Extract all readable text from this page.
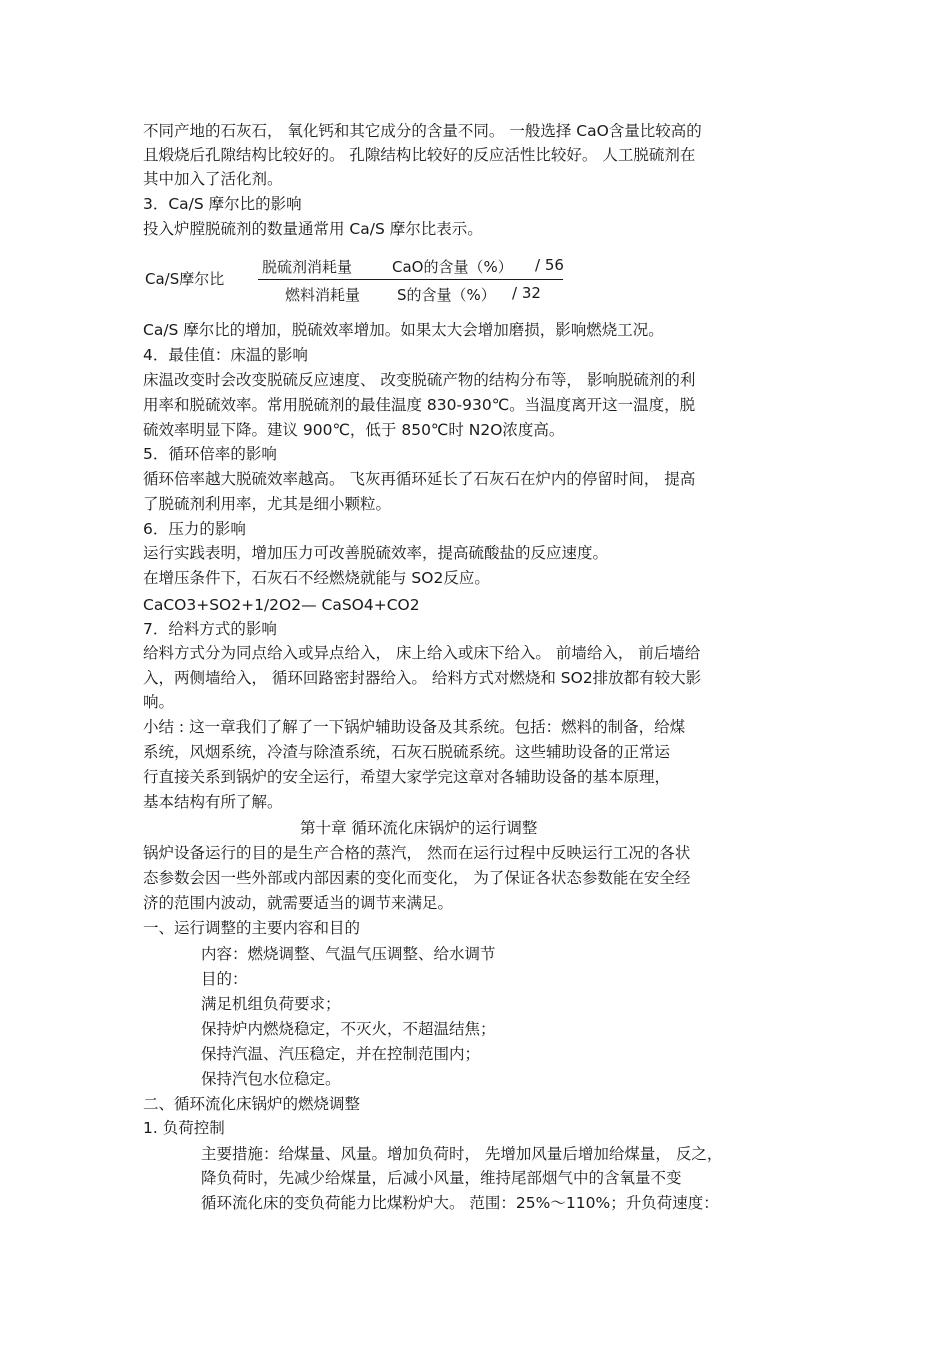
不同产地的石灰石， 氧化钙和其它成分的含量不同。 一般选择 CaO含量比较高的
且煅烧后孔隙结构比较好的。 孔隙结构比较好的反应活性比较好。 人工脱硫剂在
其中加入了活化剂。
3．Ca/S 摩尔比的影响
投入炉膛脱硫剂的数量通常用 Ca/S 摩尔比表示。
Ca/S摩尔比
脱硫剂消耗量	CaO的含量（%） / 56
燃料消耗量 S的含量（%） / 32
Ca/S 摩尔比的增加，脱硫效率增加。如果太大会增加磨损，影响燃烧工况。
4．最佳值：床温的影响
床温改变时会改变脱硫反应速度、 改变脱硫产物的结构分布等， 影响脱硫剂的利
用率和脱硫效率。常用脱硫剂的最佳温度 830-930℃。当温度离开这一温度，脱
硫效率明显下降。建议 900℃，低于 850℃时 N2O浓度高。
5．循环倍率的影响
循环倍率越大脱硫效率越高。 飞灰再循环延长了石灰石在炉内的停留时间， 提高
了脱硫剂利用率，尤其是细小颗粒。
6．压力的影响
运行实践表明，增加压力可改善脱硫效率，提高硫酸盐的反应速度。
在增压条件下，石灰石不经燃烧就能与 SO2反应。
CaCO3+SO2+1/2O2— CaSO4+CO2
7．给料方式的影响
给料方式分为同点给入或异点给入， 床上给入或床下给入。 前墙给入， 前后墙给
入，两侧墙给入， 循环回路密封器给入。 给料方式对燃烧和 SO2排放都有较大影
响。
小结 : 这一章我们了解了一下锅炉辅助设备及其系统。包括：燃料的制备，给煤
系统，风烟系统，冷渣与除渣系统，石灰石脱硫系统。这些辅助设备的正常运
行直接关系到锅炉的安全运行，希望大家学完这章对各辅助设备的基本原理，
基本结构有所了解。
第十章 循环流化床锅炉的运行调整
锅炉设备运行的目的是生产合格的蒸汽， 然而在运行过程中反映运行工况的各状
态参数会因一些外部或内部因素的变化而变化， 为了保证各状态参数能在安全经
济的范围内波动，就需要适当的调节来满足。
一、运行调整的主要内容和目的
内容：燃烧调整、气温气压调整、给水调节
目的：
满足机组负荷要求；
保持炉内燃烧稳定，不灭火，不超温结焦；
保持汽温、汽压稳定，并在控制范围内；
保持汽包水位稳定。
二、循环流化床锅炉的燃烧调整
1. 负荷控制
主要措施：给煤量、风量。增加负荷时， 先增加风量后增加给煤量， 反之，
降负荷时，先减少给煤量，后减小风量，维持尾部烟气中的含氧量不变
循环流化床的变负荷能力比煤粉炉大。 范围：25%～110%；升负荷速度：
